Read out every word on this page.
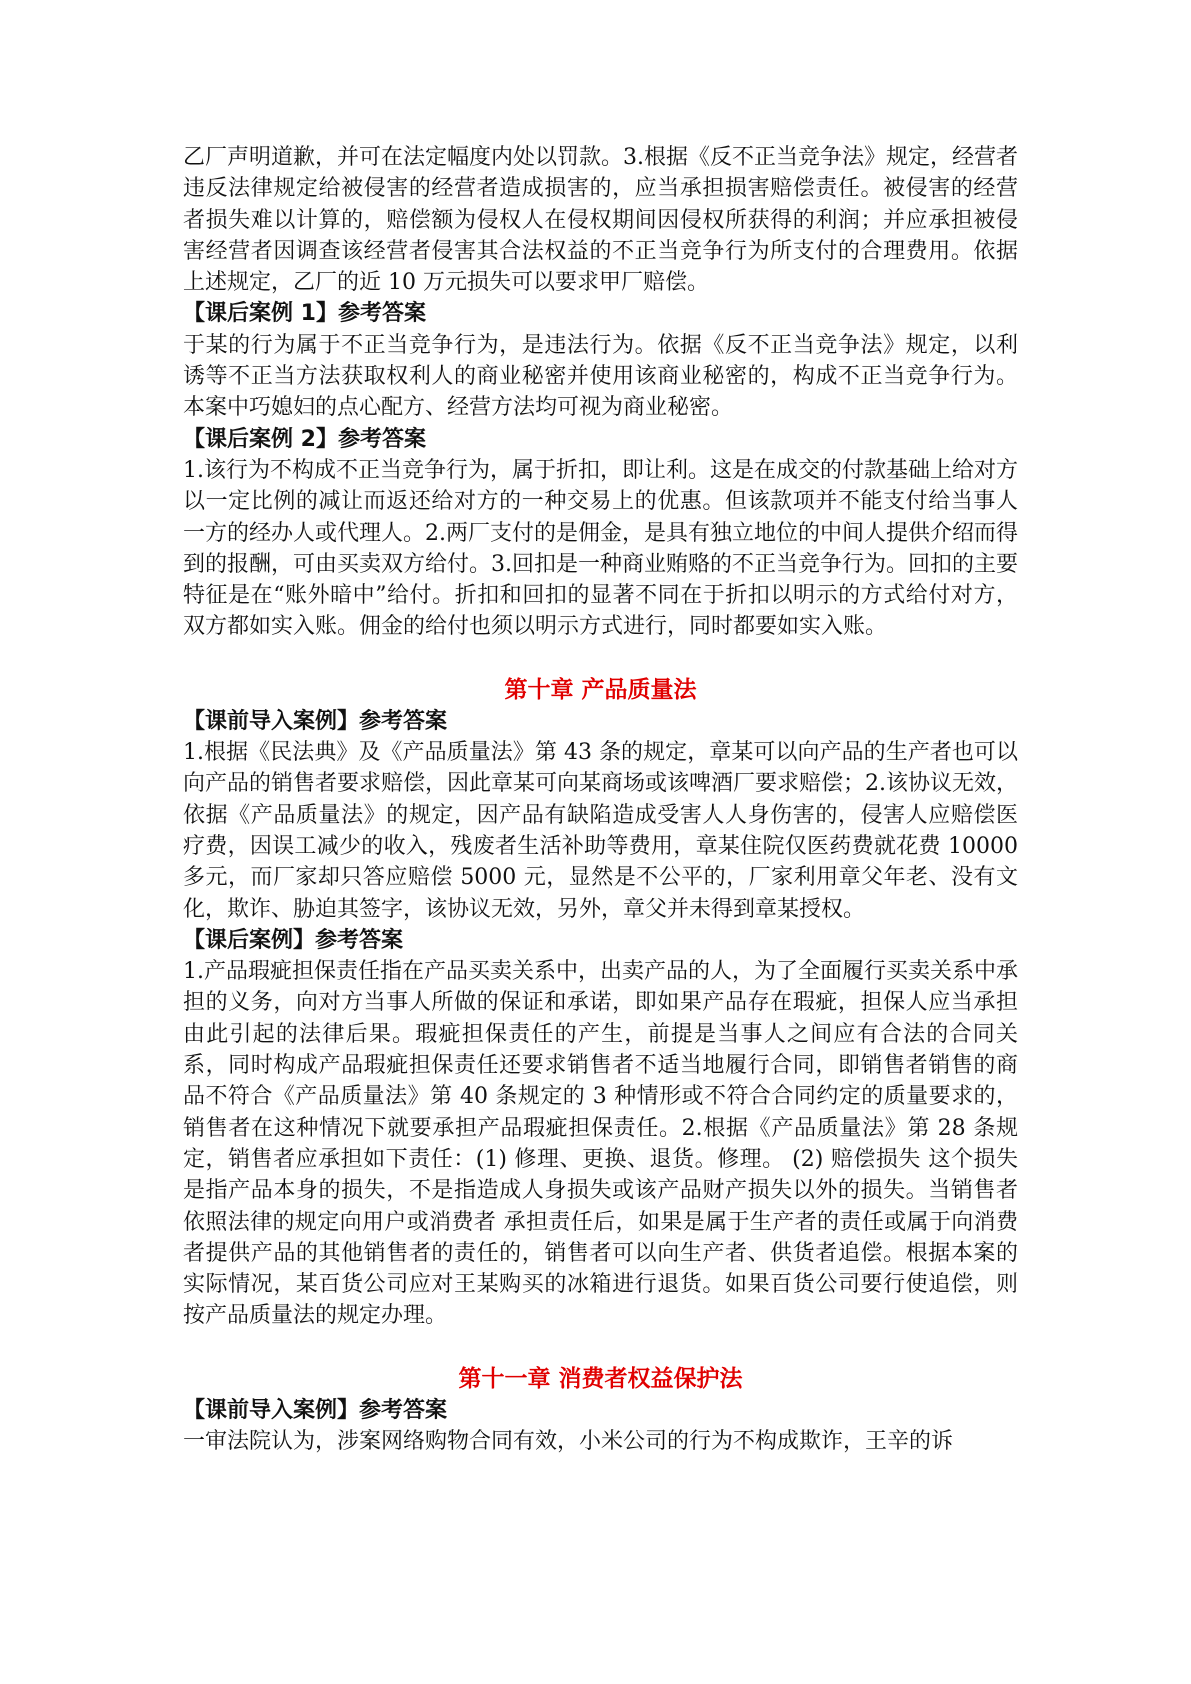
乙厂声明道歉，并可在法定幅度内处以罚款。3.根据《反不正当竞争法》规定，经营者违反法律规定给被侵害的经营者造成损害的，应当承担损害赔偿责任。被侵害的经营者损失难以计算的，赔偿额为侵权人在侵权期间因侵权所获得的利润；并应承担被侵害经营者因调查该经营者侵害其合法权益的不正当竞争行为所支付的合理费用。依据上述规定，乙厂的近 10 万元损失可以要求甲厂赔偿。

【课后案例 1】参考答案

于某的行为属于不正当竞争行为，是违法行为。依据《反不正当竞争法》规定，以利诱等不正当方法获取权利人的商业秘密并使用该商业秘密的，构成不正当竞争行为。本案中巧媳妇的点心配方、经营方法均可视为商业秘密。

【课后案例 2】参考答案

1.该行为不构成不正当竞争行为，属于折扣，即让利。这是在成交的付款基础上给对方以一定比例的减让而返还给对方的一种交易上的优惠。但该款项并不能支付给当事人一方的经办人或代理人。2.两厂支付的是佣金，是具有独立地位的中间人提供介绍而得到的报酬，可由买卖双方给付。3.回扣是一种商业贿赂的不正当竞争行为。回扣的主要特征是在“账外暗中”给付。折扣和回扣的显著不同在于折扣以明示的方式给付对方，双方都如实入账。佣金的给付也须以明示方式进行，同时都要如实入账。

第十章 产品质量法

【课前导入案例】参考答案

1.根据《民法典》及《产品质量法》第 43 条的规定，章某可以向产品的生产者也可以向产品的销售者要求赔偿，因此章某可向某商场或该啤酒厂要求赔偿；2.该协议无效，依据《产品质量法》的规定，因产品有缺陷造成受害人人身伤害的，侵害人应赔偿医疗费，因误工减少的收入，残废者生活补助等费用，章某住院仅医药费就花费 10000 多元，而厂家却只答应赔偿 5000 元，显然是不公平的，厂家利用章父年老、没有文化，欺诈、胁迫其签字，该协议无效，另外，章父并未得到章某授权。

【课后案例】参考答案

1.产品瑕疵担保责任指在产品买卖关系中，出卖产品的人，为了全面履行买卖关系中承担的义务，向对方当事人所做的保证和承诺，即如果产品存在瑕疵，担保人应当承担由此引起的法律后果。瑕疵担保责任的产生，前提是当事人之间应有合法的合同关系，同时构成产品瑕疵担保责任还要求销售者不适当地履行合同，即销售者销售的商品不符合《产品质量法》第 40 条规定的 3 种情形或不符合合同约定的质量要求的，销售者在这种情况下就要承担产品瑕疵担保责任。2.根据《产品质量法》第 28 条规定，销售者应承担如下责任：(1) 修理、更换、退货。修理。 (2) 赔偿损失 这个损失是指产品本身的损失，不是指造成人身损失或该产品财产损失以外的损失。当销售者依照法律的规定向用户或消费者 承担责任后，如果是属于生产者的责任或属于向消费者提供产品的其他销售者的责任的，销售者可以向生产者、供货者追偿。根据本案的实际情况，某百货公司应对王某购买的冰箱进行退货。如果百货公司要行使追偿，则按产品质量法的规定办理。

第十一章 消费者权益保护法

【课前导入案例】参考答案

一审法院认为，涉案网络购物合同有效，小米公司的行为不构成欺诈，王辛的诉
